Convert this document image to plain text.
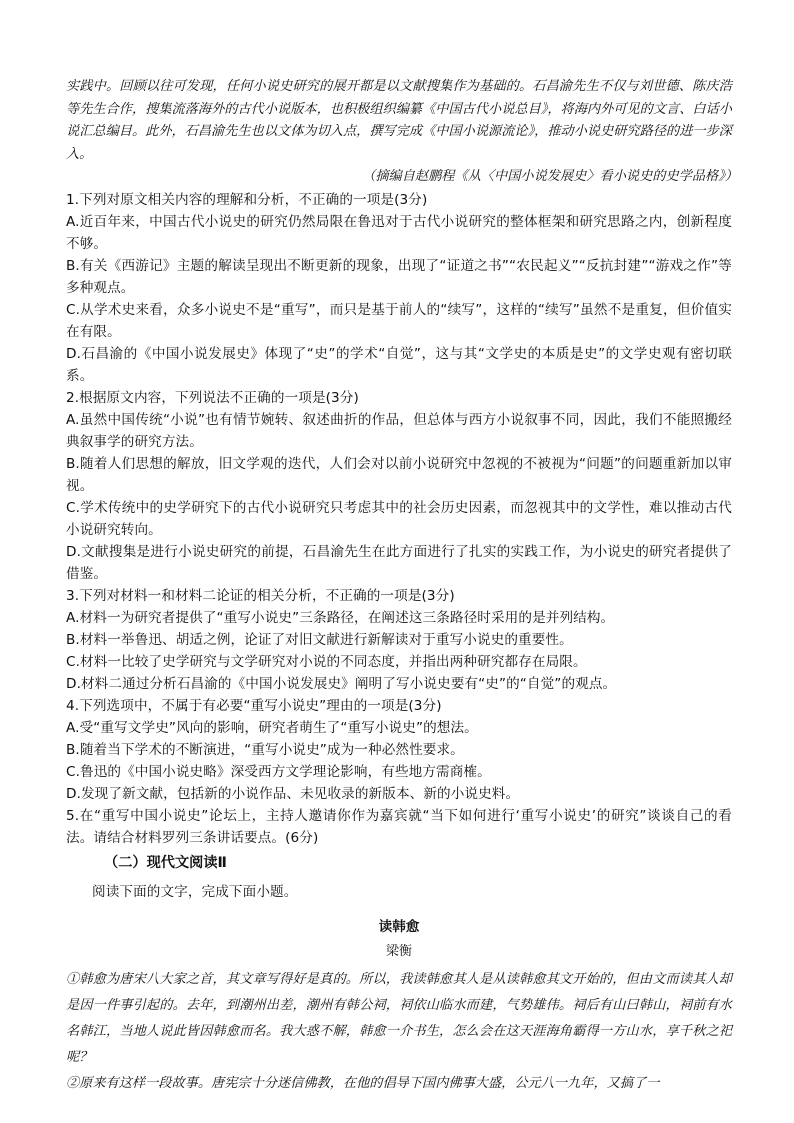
实践中。回顾以往可发现，任何小说史研究的展开都是以文献搜集作为基础的。石昌渝先生不仅与刘世德、陈庆浩等先生合作，搜集流落海外的古代小说版本，也积极组织编纂《中国古代小说总目》，将海内外可见的文言、白话小说汇总编目。此外，石昌渝先生也以文体为切入点，撰写完成《中国小说源流论》，推动小说史研究路径的进一步深入。

（摘编自赵鹏程《从〈中国小说发展史〉看小说史的史学品格》）

1.下列对原文相关内容的理解和分析，不正确的一项是(3分)

A.近百年来，中国古代小说史的研究仍然局限在鲁迅对于古代小说研究的整体框架和研究思路之内，创新程度不够。

B.有关《西游记》主题的解读呈现出不断更新的现象，出现了“证道之书”“农民起义”“反抗封建”“游戏之作”等多种观点。

C.从学术史来看，众多小说史不是“重写”，而只是基于前人的“续写”，这样的“续写”虽然不是重复，但价值实在有限。

D.石昌渝的《中国小说发展史》体现了“史”的学术“自觉”，这与其“文学史的本质是史”的文学史观有密切联系。

2.根据原文内容，下列说法不正确的一项是(3分)

A.虽然中国传统“小说”也有情节婉转、叙述曲折的作品，但总体与西方小说叙事不同，因此，我们不能照搬经典叙事学的研究方法。

B.随着人们思想的解放，旧文学观的迭代，人们会对以前小说研究中忽视的不被视为“问题”的问题重新加以审视。

C.学术传统中的史学研究下的古代小说研究只考虑其中的社会历史因素，而忽视其中的文学性，难以推动古代小说研究转向。

D.文献搜集是进行小说史研究的前提，石昌渝先生在此方面进行了扎实的实践工作，为小说史的研究者提供了借鉴。

3.下列对材料一和材料二论证的相关分析，不正确的一项是(3分)

A.材料一为研究者提供了“重写小说史”三条路径，在阐述这三条路径时采用的是并列结构。

B.材料一举鲁迅、胡适之例，论证了对旧文献进行新解读对于重写小说史的重要性。

C.材料一比较了史学研究与文学研究对小说的不同态度，并指出两种研究都存在局限。

D.材料二通过分析石昌渝的《中国小说发展史》阐明了写小说史要有“史”的“自觉”的观点。

4.下列选项中，不属于有必要“重写小说史”理由的一项是(3分)

A.受“重写文学史”风向的影响，研究者萌生了“重写小说史”的想法。

B.随着当下学术的不断演进，“重写小说史”成为一种必然性要求。

C.鲁迅的《中国小说史略》深受西方文学理论影响，有些地方需商榷。

D.发现了新文献，包括新的小说作品、未见收录的新版本、新的小说史料。

5.在“重写中国小说史”论坛上，主持人邀请你作为嘉宾就“当下如何进行‘重写小说史’的研究”谈谈自己的看法。请结合材料罗列三条讲话要点。(6分)

（二）现代文阅读Ⅱ

阅读下面的文字，完成下面小题。

读韩愈

梁衡

①韩愈为唐宋八大家之首，其文章写得好是真的。所以，我读韩愈其人是从读韩愈其文开始的，但由文而读其人却是因一件事引起的。去年，到潮州出差，潮州有韩公祠，祠依山临水而建，气势雄伟。祠后有山曰韩山，祠前有水名韩江，当地人说此皆因韩愈而名。我大惑不解，韩愈一介书生，怎么会在这天涯海角霸得一方山水，享千秋之祀呢？

②原来有这样一段故事。唐宪宗十分迷信佛教，在他的倡导下国内佛事大盛，公元八一九年，又搞了一
